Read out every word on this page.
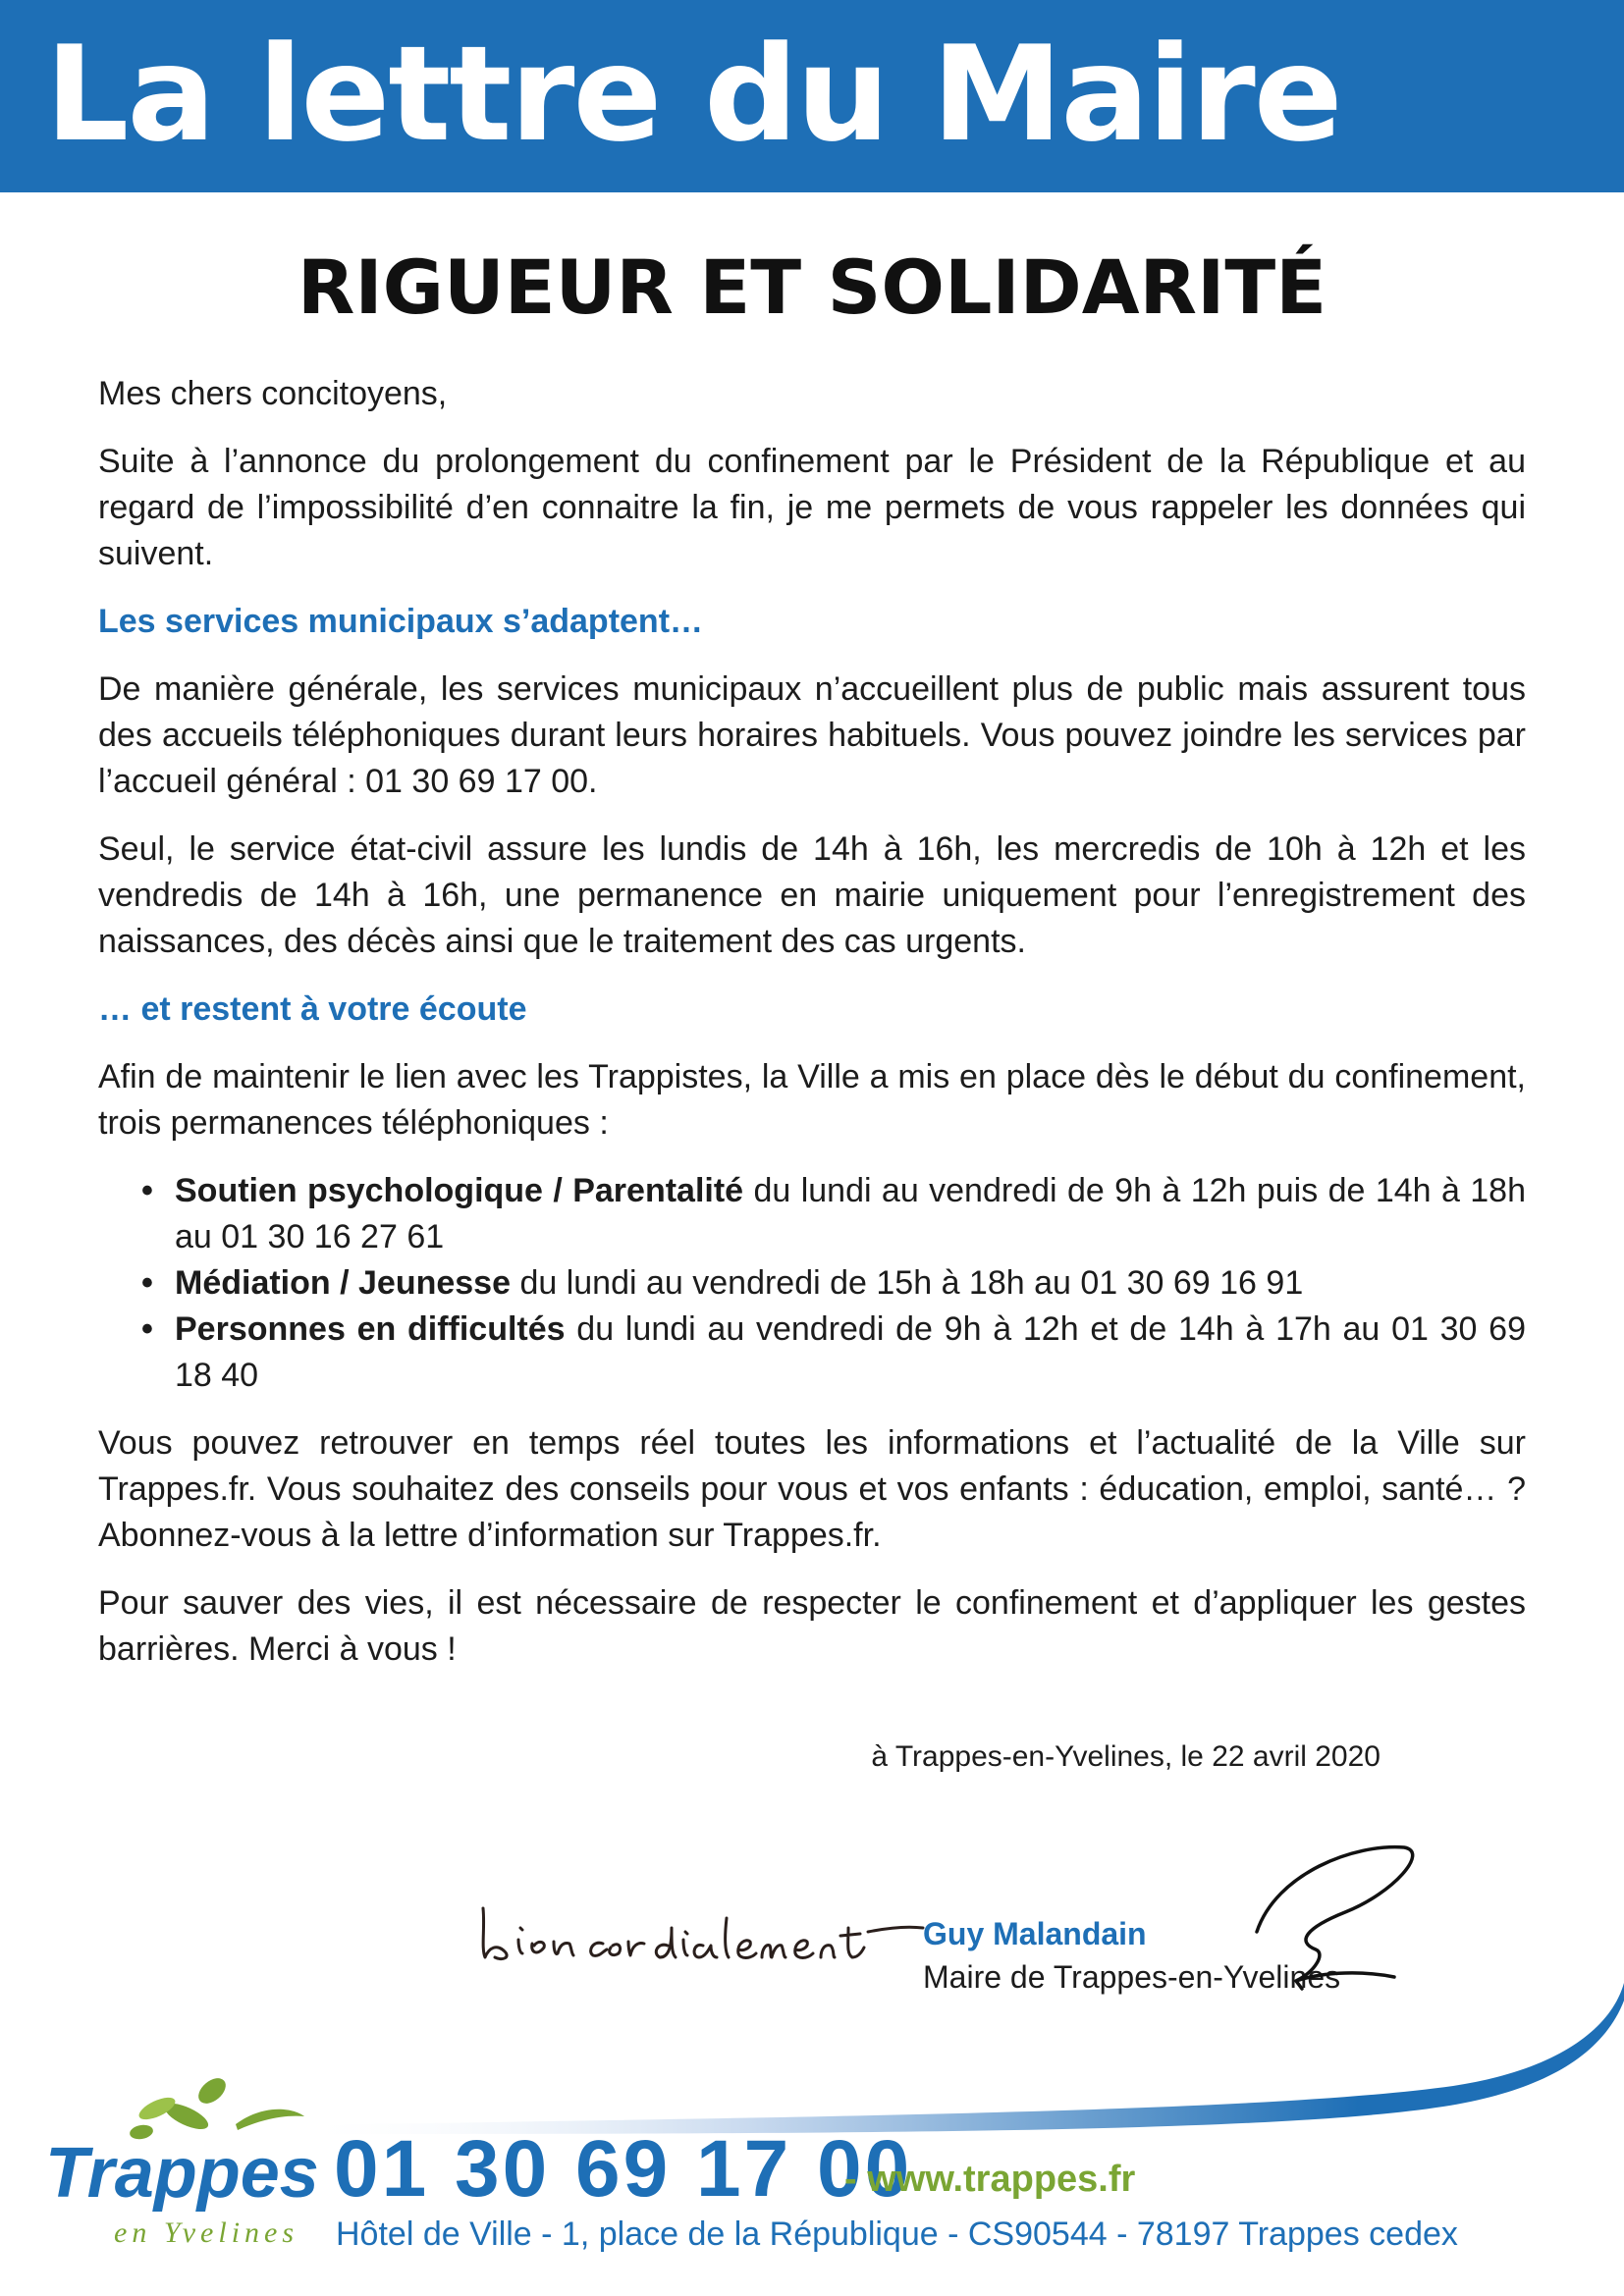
La lettre du Maire
RIGUEUR ET SOLIDARITÉ

Mes chers concitoyens,

Suite à l’annonce du prolongement du confinement par le Président de la République et au regard de l’impossibilité d’en connaitre la fin, je me permets de vous rappeler les données qui suivent.

Les services municipaux s’adaptent…

De manière générale, les services municipaux n’accueillent plus de public mais assurent tous des accueils téléphoniques durant leurs horaires habituels. Vous pouvez joindre les services par l’accueil général : 01 30 69 17 00.

Seul, le service état-civil assure les lundis de 14h à 16h, les mercredis de 10h à 12h et les vendredis de 14h à 16h, une permanence en mairie uniquement pour l’enregistrement des naissances, des décès ainsi que le traitement des cas urgents.

… et restent à votre écoute

Afin de maintenir le lien avec les Trappistes, la Ville a mis en place dès le début du confinement, trois permanences téléphoniques :

• Soutien psychologique / Parentalité du lundi au vendredi de 9h à 12h puis de 14h à 18h au 01 30 16 27 61
• Médiation / Jeunesse du lundi au vendredi de 15h à 18h au 01 30 69 16 91
• Personnes en difficultés du lundi au vendredi de 9h à 12h et de 14h à 17h au 01 30 69 18 40

Vous pouvez retrouver en temps réel toutes les informations et l’actualité de la Ville sur Trappes.fr. Vous souhaitez des conseils pour vous et vos enfants : éducation, emploi, santé… ? Abonnez-vous à la lettre d’information sur Trappes.fr.

Pour sauver des vies, il est nécessaire de respecter le confinement et d’appliquer les gestes barrières. Merci à vous !

à Trappes-en-Yvelines, le 22 avril 2020

Guy Malandain

Maire de Trappes-en-Yvelines

Trappes
en Yvelines

01 30 69 17 00

- www.trappes.fr

Hôtel de Ville - 1, place de la République - CS90544 - 78197 Trappes cedex
